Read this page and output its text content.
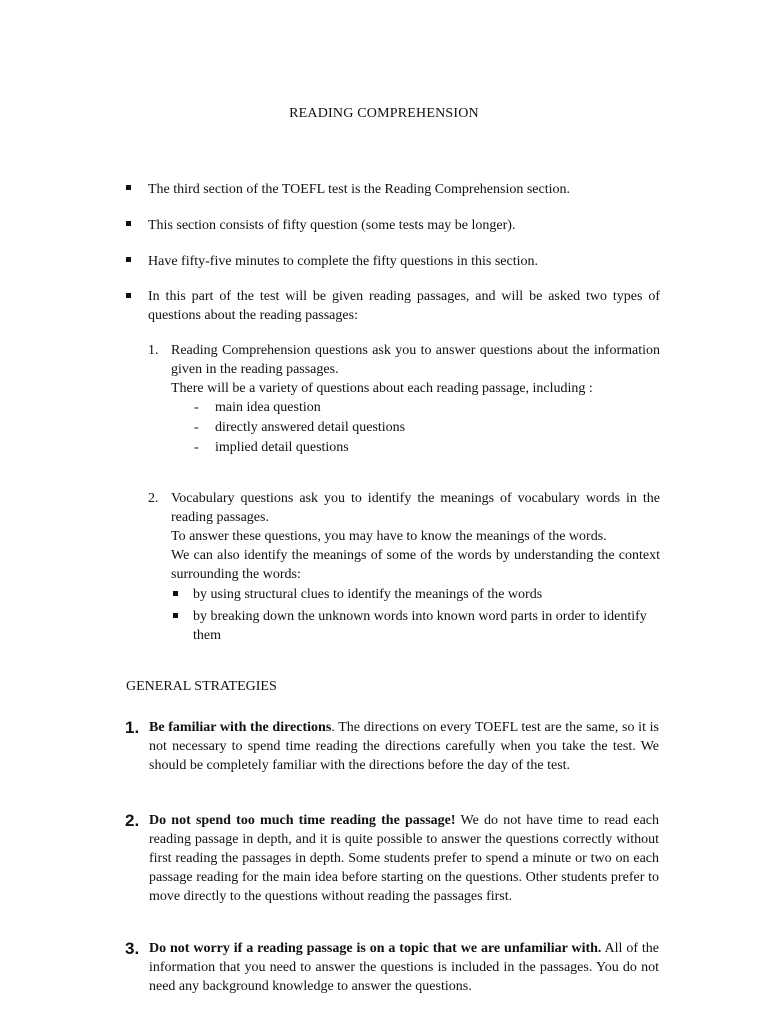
READING COMPREHENSION
The third section of the TOEFL test is the Reading Comprehension section.
This section consists of fifty question (some tests may be longer).
Have fifty-five minutes to complete the fifty questions in this section.
In this part of the test will be given reading passages, and will be asked two types of questions about the reading passages:
1. Reading Comprehension questions ask you to answer questions about the information given in the reading passages.

There will be a variety of questions about each reading passage, including :

- main idea question
- directly answered detail questions
- implied detail questions
2. Vocabulary questions ask you to identify the meanings of vocabulary words in the reading passages.

To answer these questions, you may have to know the meanings of the words.

We can also identify the meanings of some of the words by understanding the context surrounding the words:

by using structural clues to identify the meanings of the words
by breaking down the unknown words into known word parts in order to identify them
GENERAL STRATEGIES
1. Be familiar with the directions. The directions on every TOEFL test are the same, so it is not necessary to spend time reading the directions carefully when you take the test. We should be completely familiar with the directions before the day of the test.
2. Do not spend too much time reading the passage! We do not have time to read each reading passage in depth, and it is quite possible to answer the questions correctly without first reading the passages in depth. Some students prefer to spend a minute or two on each passage reading for the main idea before starting on the questions. Other students prefer to move directly to the questions without reading the passages first.
3. Do not worry if a reading passage is on a topic that we are unfamiliar with. All of the information that you need to answer the questions is included in the passages. You do not need any background knowledge to answer the questions.
